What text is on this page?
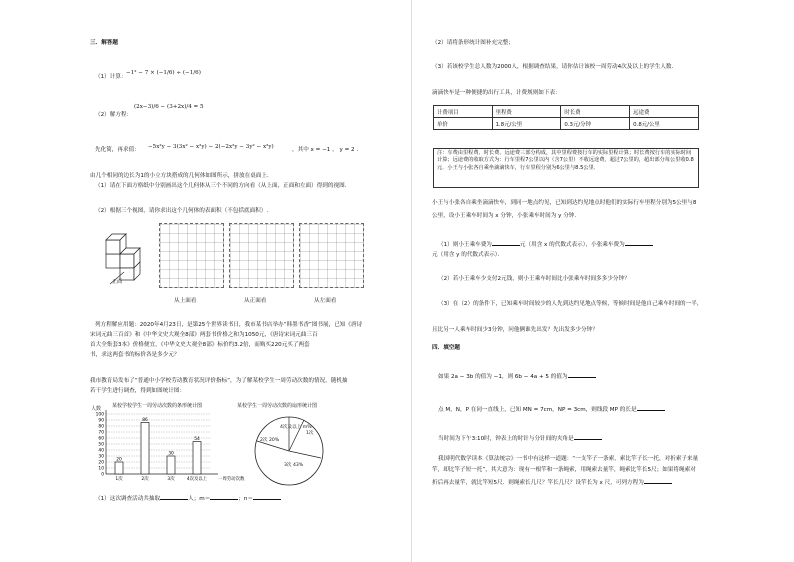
三．解答题
（1）计算：
−1² − 7 × (−1/6) ÷ (−1/6)
（2）解方程：
(2x−3)/6 − (3+2x)/4 = 5
先化简，再求值： −5x²y − 3(3x² − x²y) − 2(−2x²y − 3y² − x²y)	，其中 x = −1 ， y = 2 .
由几个相同的边长为1的小立方块搭成的几何体如图所示，拼放在桌面上．
（1）请在下面方格纸中分别画出这个几何体从三个不同的方向看（从上面，正面和左面）得到的视图．
（2）根据三个视图，请你求出这个几何体的表面积（不包括底面积）.
正面
从上面看	从正面看	从左面看
列方程解应用题：2020年4月23日，是第25个世界读书日，我市某书店举办“韩墨书香”图书展，已知《唐诗
宋词元曲三百首》和《中华文史大观全8部》两套书价格之和为1050元，《唐诗宋词元曲三百
首大全集套3本》价格便宜，《中华文史大观全8部》标价约3.2倍，而购买220元买了两套
书，求这两套书的标价各是多少元？
我市教育局发布了“普通中小学校劳动教育状况评价指标”，为了解某校学生一周劳动次数的情况，随机抽
若干学生进行调查，得到如图统计图：
某校学校学生一周劳动次数的条形统计图
人数
0
10
20
30
40
50
60
70
80
90
100
20
1次
86
2次
30
3次
54
4次及以上 一周劳动次数
某校学生一周劳动次数的扇形统计图
4次及以上 m%
2次 20%
3次 43%
1次
（1）这次调查活动共抽取	人；m＝	；n＝
（2）请将条形统计图补充完整；
（3）若该校学生总人数为2000人，根据调查结果，请你估计该校一周劳动4次及以上的学生人数．
滴滴快车是一种便捷的出行工具，计费规则如下表：
计费项目	里程费	时长费	远途费
单价	1.8元/公里	0.3元/分钟	0.8元/公里
注：车费由里程费、时长费、远途费三部分构成，其中里程费按行车的实际里程计算；时长费按行车的实际时间计算；远途费的收取方式为：行车里程7公里以内（含7公里）不收远途费，超过7公里的，超出部分每公里收0.8元．小王与小张各自乘坐滴滴快车，行车里程分别为6公里与8.5公里．
小王与小张各自乘坐滴滴快车，到同一地点约见，已知到达约见地点时他们的实际行车里程分别为5公里与8
公里，设小王乘车时间为 x 分钟，小张乘车时间为 y 分钟.
（1）则小王乘车费为	元（用含 x 的代数式表示），小张乘车费为
元（用含 y 的代数式表示）．
（2）若小王乘车少支付2元钱，则小王乘车时间比小张乘车时间多多少分钟？
（3）在（2）的条件下，已知乘车时间较少的人先到达约见地点等候，等候时间是他自己乘车时间的一半，
且比另一人乘车时间少3分钟，问他俩谁先出发？先出发多少分钟？
四．填空题
如果 2a − 3b 的值为 −1，则 6b − 4a + 5 的值为
点 M，N，P 在同一直线上，已知 MN = 7cm，NP = 3cm，则线段 MP 的长是
当时间为下午3:10时，钟表上的时针与分针间的夹角是
我国明代数学读本《算法统宗》一书中有这样一道题：“一支竿子一条索，索比竿子长一托，对折索子来量
竿，却比竿子短一托”，其大意为：现有一根竿和一条绳索，用绳索去量竿，绳索比竿长5尺；如果将绳索对
折后再去量竿，就比竿短5尺．则绳索长几尺？竿长几尺？设竿长为 x 尺，可列方程为
